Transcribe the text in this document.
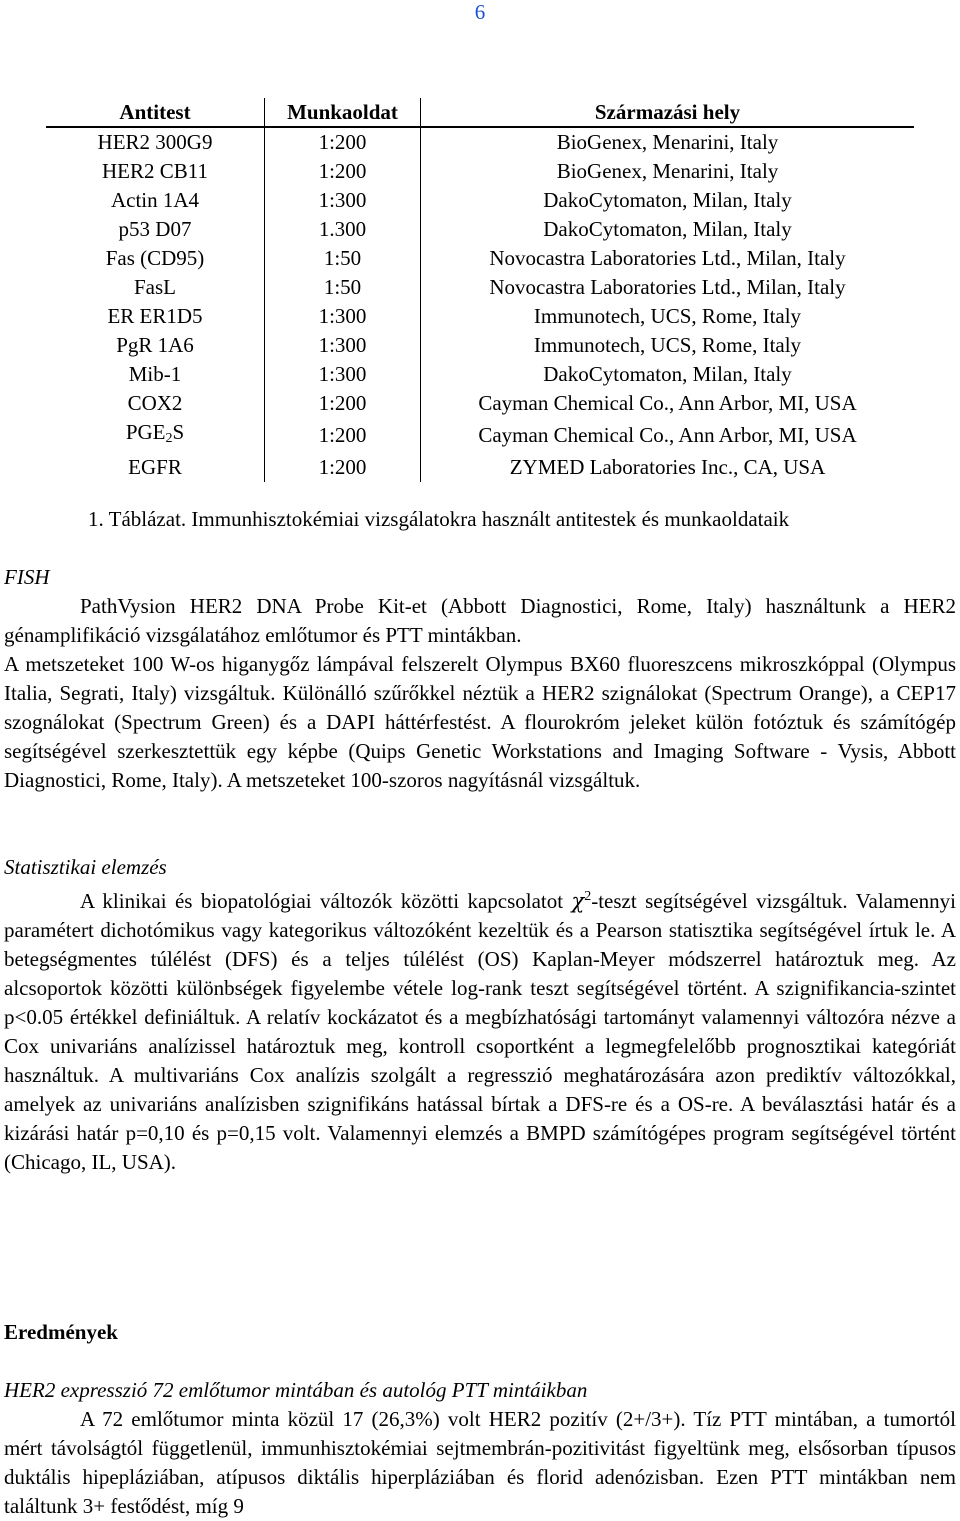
6
Antitest	Munkaoldat	Származási hely
HER2 300G9	1:200	BioGenex, Menarini, Italy
HER2 CB11	1:200	BioGenex, Menarini, Italy
Actin 1A4	1:300	DakoCytomaton, Milan, Italy
p53 D07	1.300	DakoCytomaton, Milan, Italy
Fas (CD95)	1:50	Novocastra Laboratories Ltd., Milan, Italy
FasL	1:50	Novocastra Laboratories Ltd., Milan, Italy
ER ER1D5	1:300	Immunotech, UCS, Rome, Italy
PgR 1A6	1:300	Immunotech, UCS, Rome, Italy
Mib-1	1:300	DakoCytomaton, Milan, Italy
COX2	1:200	Cayman Chemical Co., Ann Arbor, MI, USA
$PGE_2S$	1:200	Cayman Chemical Co., Ann Arbor, MI, USA
EGFR	1:200	ZYMED Laboratories Inc., CA, USA
1. Táblázat. Immunhisztokémiai vizsgálatokra használt antitestek és munkaoldataik
FISH

PathVysion HER2 DNA Probe Kit-et (Abbott Diagnostici, Rome, Italy) használtunk a HER2 génamplifikáció vizsgálatához emlőtumor és PTT mintákban.

A metszeteket 100 W-os higanygőz lámpával felszerelt Olympus BX60 fluoreszcens mikroszkóppal (Olympus Italia, Segrati, Italy) vizsgáltuk. Különálló szűrőkkel néztük a HER2 szignálokat (Spectrum Orange), a CEP17 szognálokat (Spectrum Green) és a DAPI háttérfestést. A flourokróm jeleket külön fotóztuk és számítógép segítségével szerkesztettük egy képbe (Quips Genetic Workstations and Imaging Software - Vysis, Abbott Diagnostici, Rome, Italy). A metszeteket 100-szoros nagyításnál vizsgáltuk.

Statisztikai elemzés

A klinikai és biopatológiai változók közötti kapcsolatot $\chi^2$-teszt segítségével vizsgáltuk. Valamennyi paramétert dichotómikus vagy kategorikus változóként kezeltük és a Pearson statisztika segítségével írtuk le. A betegségmentes túlélést (DFS) és a teljes túlélést (OS) Kaplan-Meyer módszerrel határoztuk meg. Az alcsoportok közötti különbségek figyelembe vétele log-rank teszt segítségével történt. A szignifikancia-szintet p<0.05 értékkel definiáltuk. A relatív kockázatot és a megbízhatósági tartományt valamennyi változóra nézve a Cox univariáns analízissel határoztuk meg, kontroll csoportként a legmegfelelőbb prognosztikai kategóriát használtuk. A multivariáns Cox analízis szolgált a regresszió meghatározására azon prediktív változókkal, amelyek az univariáns analízisben szignifikáns hatással bírtak a DFS-re és a OS-re. A beválasztási határ és a kizárási határ p=0,10 és p=0,15 volt. Valamennyi elemzés a BMPD számítógépes program segítségével történt (Chicago, IL, USA).

Eredmények
HER2 expresszió 72 emlőtumor mintában és autológ PTT mintáikban

A 72 emlőtumor minta közül 17 (26,3%) volt HER2 pozitív (2+/3+). Tíz PTT mintában, a tumortól mért távolságtól függetlenül, immunhisztokémiai sejtmembrán-pozitivitást figyeltünk meg, elsősorban típusos duktális hipepláziában, atípusos diktális hiperpláziában és florid adenózisban. Ezen PTT mintákban nem találtunk 3+ festődést, míg 9
